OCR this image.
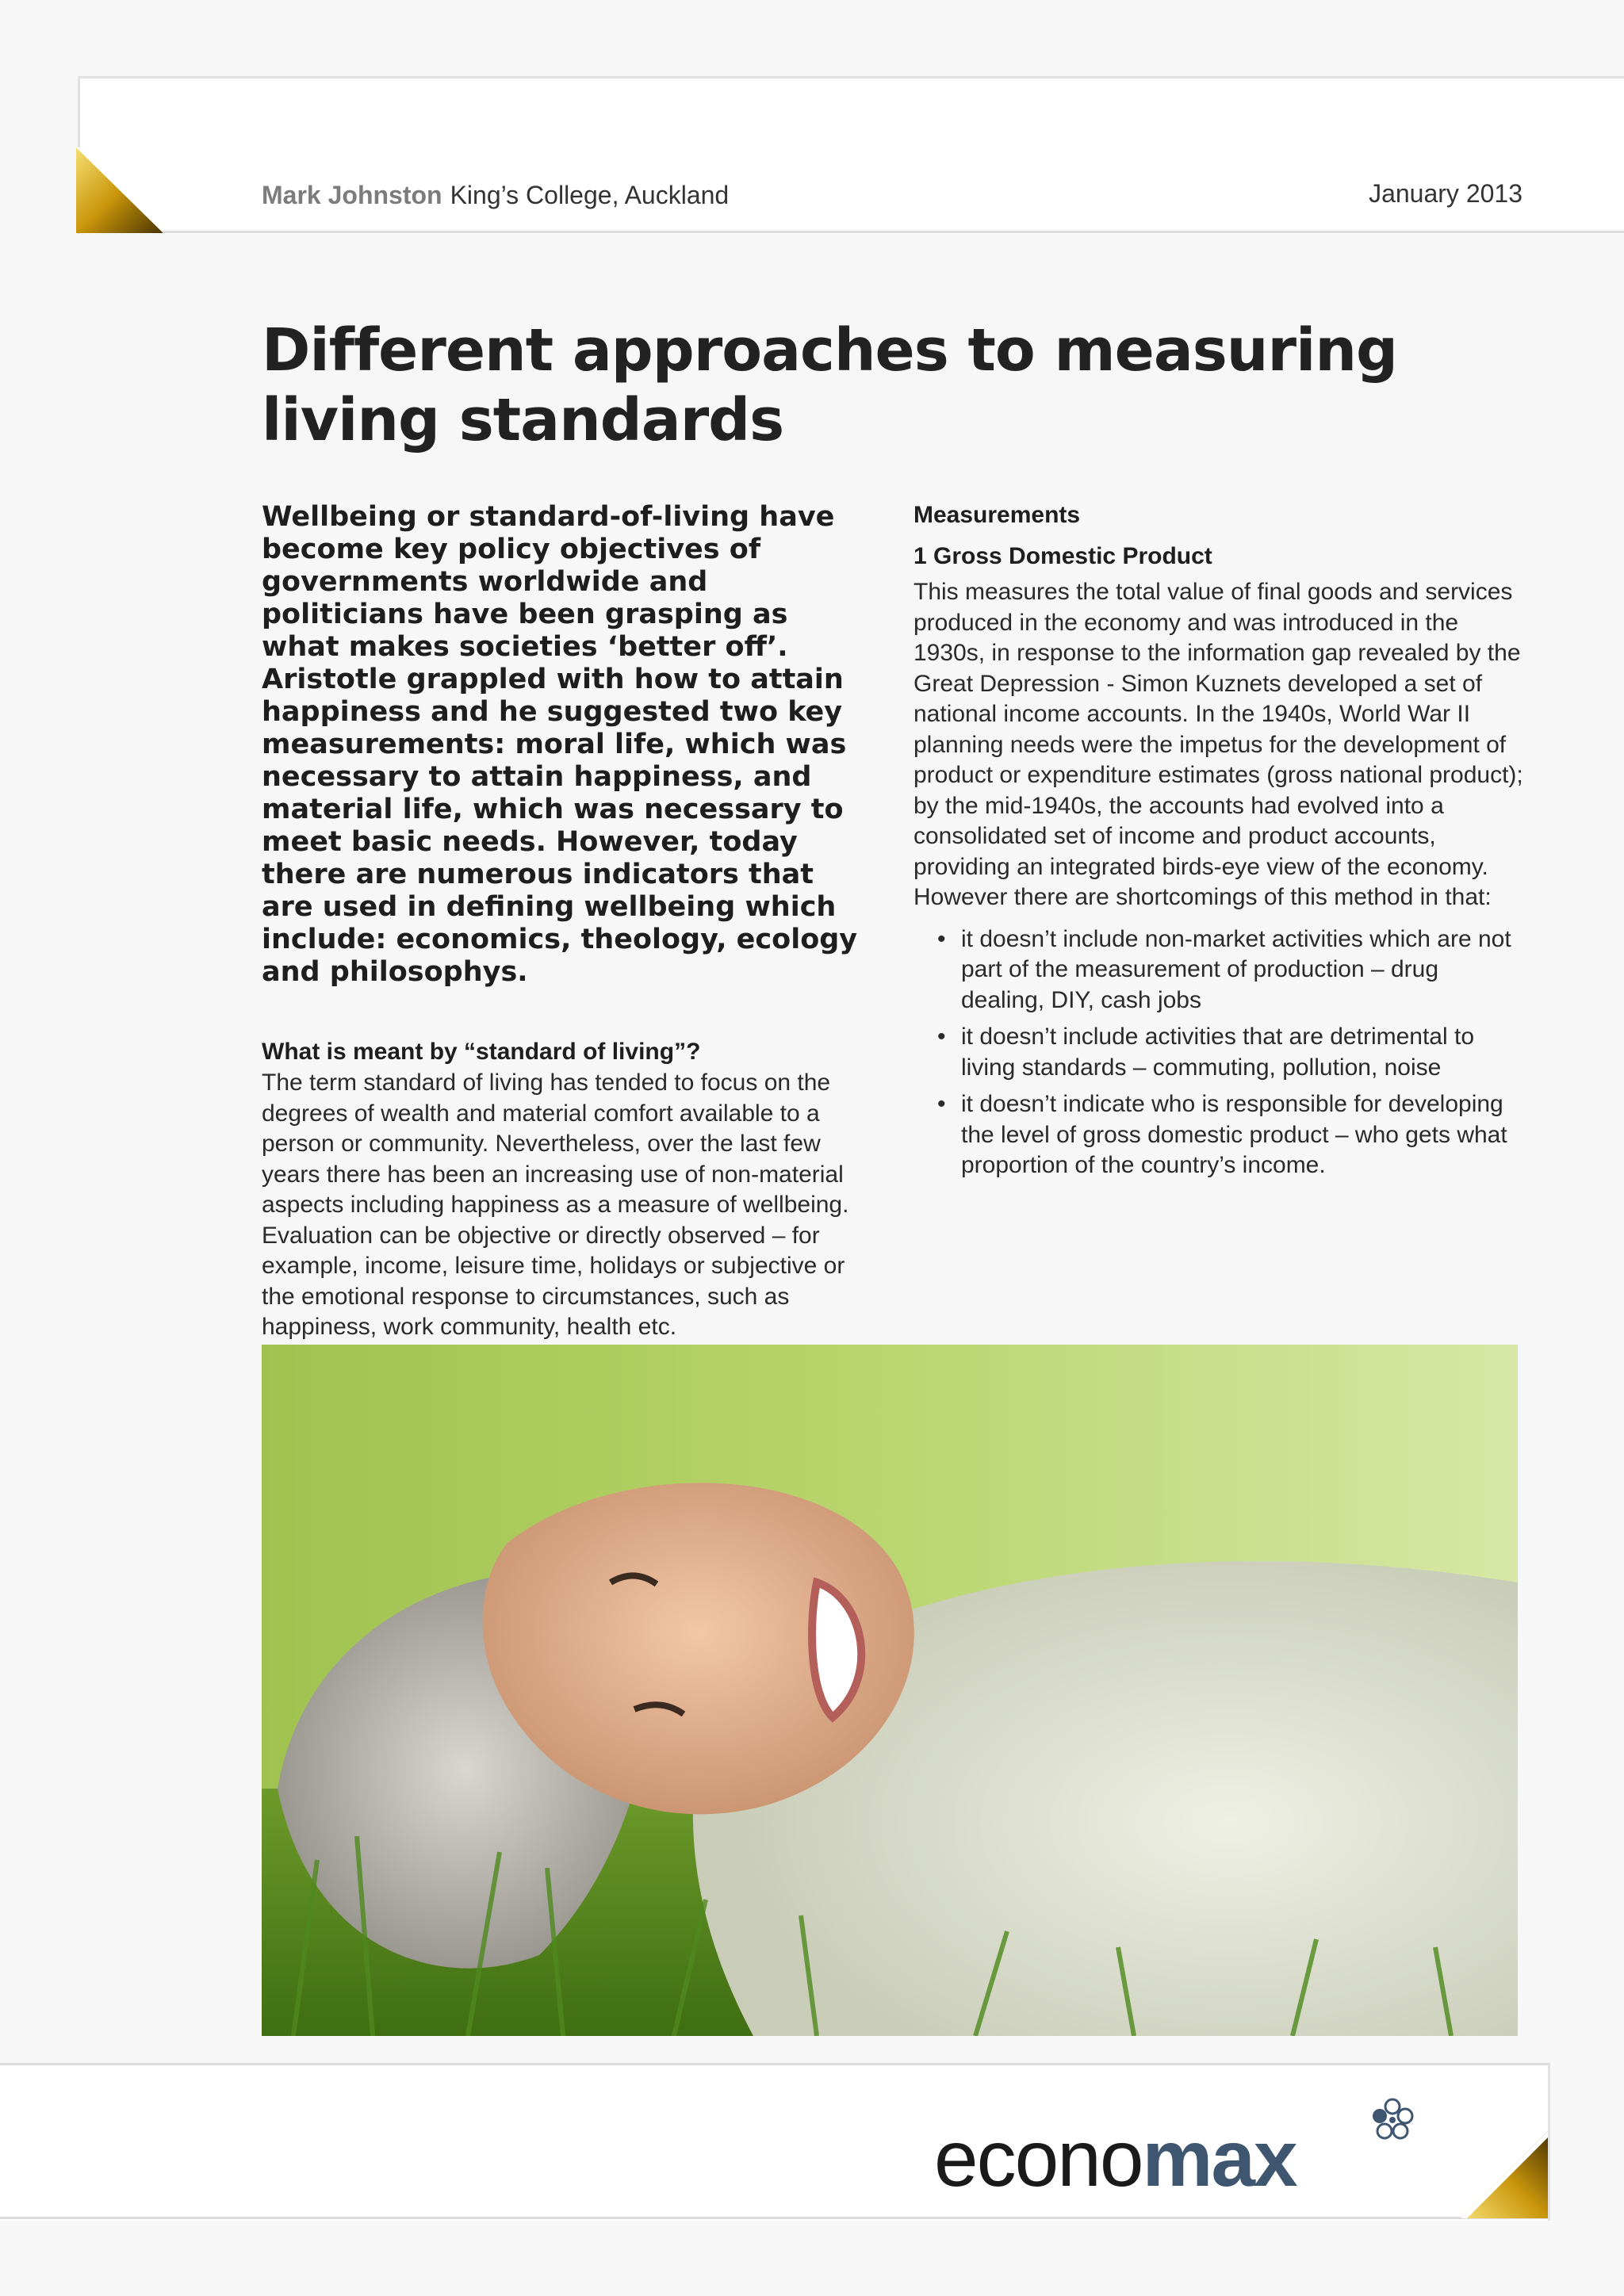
Mark Johnston King’s College, Auckland	January 2013
Different approaches to measuring living standards

Wellbeing or standard-of-living have become key policy objectives of governments worldwide and politicians have been grasping as what makes societies ‘better off’. Aristotle grappled with how to attain happiness and he suggested two key measurements: moral life, which was necessary to attain happiness, and material life, which was necessary to meet basic needs. However, today there are numerous indicators that are used in defining wellbeing which include: economics, theology, ecology and philosophys.

What is meant by “standard of living”?

The term standard of living has tended to focus on the degrees of wealth and material comfort available to a person or community. Nevertheless, over the last few years there has been an increasing use of non-material aspects including happiness as a measure of wellbeing. Evaluation can be objective or directly observed – for example, income, leisure time, holidays or subjective or the emotional response to circumstances, such as happiness, work community, health etc.

Measurements
1 Gross Domestic Product

This measures the total value of final goods and services produced in the economy and was introduced in the 1930s, in response to the information gap revealed by the Great Depression - Simon Kuznets developed a set of national income accounts. In the 1940s, World War II planning needs were the impetus for the development of product or expenditure estimates (gross national product); by the mid-1940s, the accounts had evolved into a consolidated set of income and product accounts, providing an integrated birds-eye view of the economy. However there are shortcomings of this method in that:

• it doesn’t include non-market activities which are not part of the measurement of production – drug dealing, DIY, cash jobs
• it doesn’t include activities that are detrimental to living standards – commuting, pollution, noise
• it doesn’t indicate who is responsible for developing the level of gross domestic product – who gets what proportion of the country’s income.
economax
